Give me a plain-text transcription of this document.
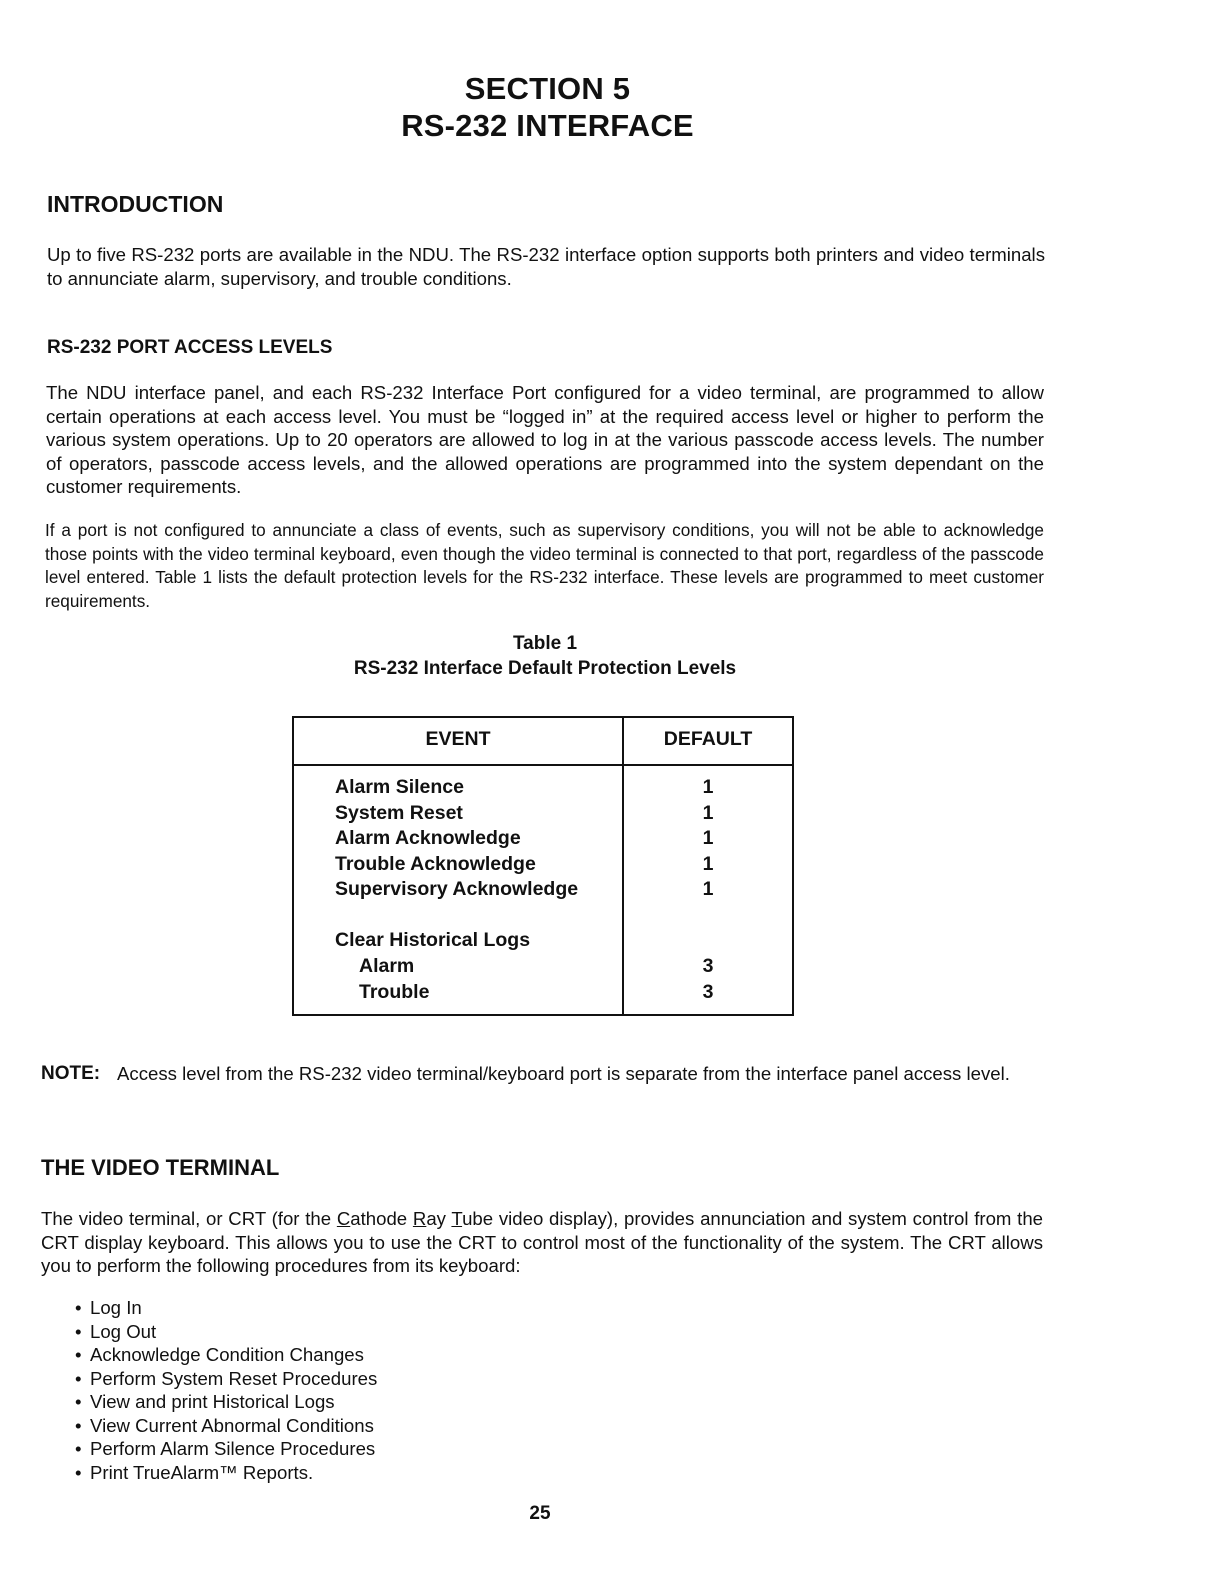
SECTION 5
RS-232 INTERFACE
INTRODUCTION

Up to five RS-232 ports are available in the NDU. The RS-232 interface option supports both printers and video terminals to annunciate alarm, supervisory, and trouble conditions.

RS-232 PORT ACCESS LEVELS

The NDU interface panel, and each RS-232 Interface Port configured for a video terminal, are programmed to allow certain operations at each access level. You must be “logged in” at the required access level or higher to perform the various system operations. Up to 20 operators are allowed to log in at the various passcode access levels. The number of operators, passcode access levels, and the allowed operations are programmed into the system dependant on the customer requirements.

If a port is not configured to annunciate a class of events, such as supervisory conditions, you will not be able to acknowledge those points with the video terminal keyboard, even though the video terminal is connected to that port, regardless of the passcode level entered. Table 1 lists the default protection levels for the RS-232 interface. These levels are programmed to meet customer requirements.

Table 1
RS-232 Interface Default Protection Levels
EVENT	DEFAULT
Alarm Silence	1
System Reset	1
Alarm Acknowledge	1
Trouble Acknowledge	1
Supervisory Acknowledge	1
Clear Historical Logs
Alarm	3
Trouble	3
NOTE: Access level from the RS-232 video terminal/keyboard port is separate from the interface panel access level.

THE VIDEO TERMINAL

The video terminal, or CRT (for the Cathode Ray Tube video display), provides annunciation and system control from the CRT display keyboard. This allows you to use the CRT to control most of the functionality of the system. The CRT allows you to perform the following procedures from its keyboard:

• Log In
• Log Out
• Acknowledge Condition Changes
• Perform System Reset Procedures
• View and print Historical Logs
• View Current Abnormal Conditions
• Perform Alarm Silence Procedures
• Print TrueAlarm™ Reports.
25
